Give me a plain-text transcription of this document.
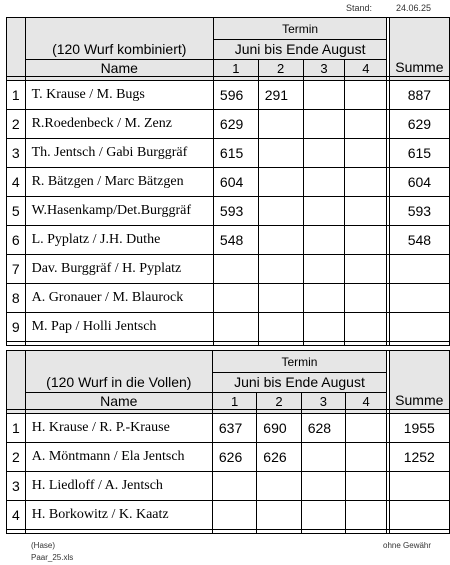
Stand:	24.06.25

	(120 Wurf kombiniert)	Termin					Summe

		Juni bis Ende August					

	Name	1	2	3	4		

1	T. Krause / M. Bugs	596	291				887
2	R.Roedenbeck / M. Zenz	629					629
3	Th. Jentsch / Gabi Burggräf	615					615
4	R. Bätzgen / Marc Bätzgen	604					604
5	W.Hasenkamp/Det.Burggräf	593					593
6	L. Pyplatz / J.H. Duthe	548					548
7	Dav. Burggräf / H. Pyplatz						
8	A. Gronauer / M. Blaurock						
9	M. Pap / Holli Jentsch						

	(120 Wurf in die Vollen)	Termin					Summe

		Juni bis Ende August					

	Name	1	2	3	4		

1	H. Krause / R. P.-Krause	637	690	628			1955
2	A. Möntmann / Ela Jentsch	626	626				1252
3	H. Liedloff / A. Jentsch						
4	H. Borkowitz / K. Kaatz						

(Hase)
Paar_25.xls
ohne Gewähr
